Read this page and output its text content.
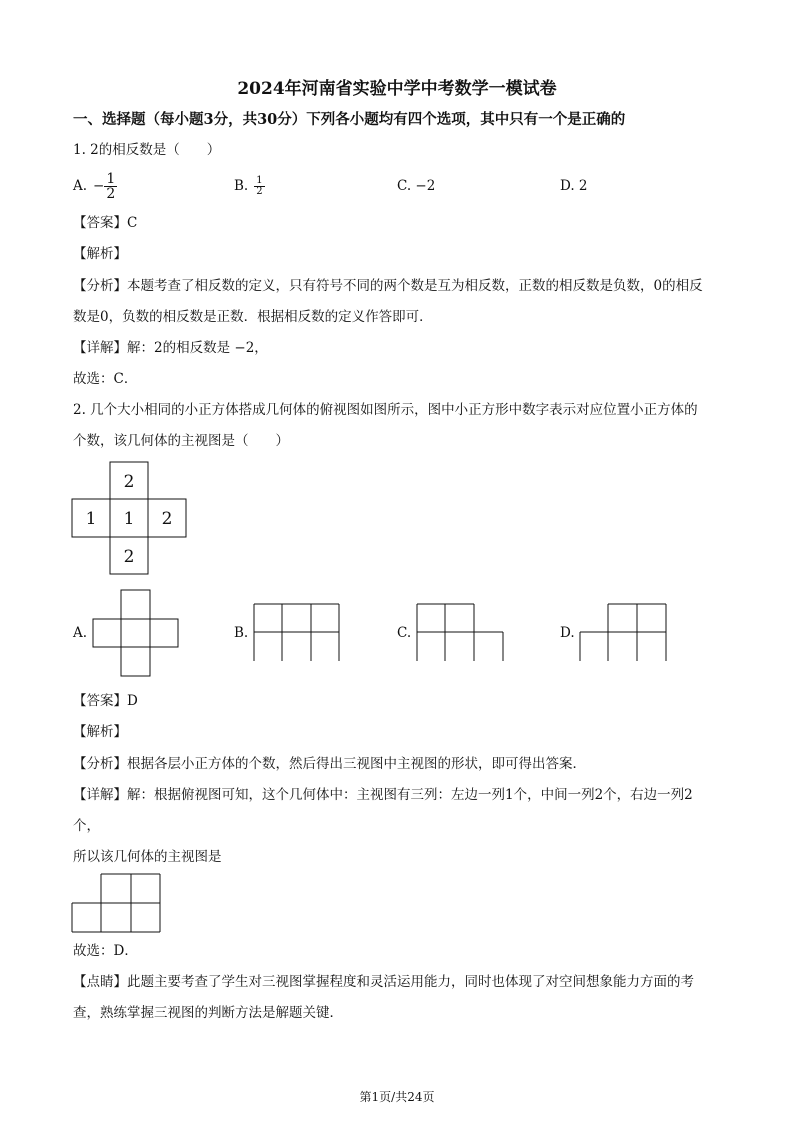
2024年河南省实验中学中考数学一模试卷
一、选择题（每小题3分，共30分）下列各小题均有四个选项，其中只有一个是正确的
1. 2的相反数是（　　）
A. − $\frac{1}{2}$	B. $\frac{1}{2}$	C. −2	D. 2
【答案】C
【解析】
【分析】本题考查了相反数的定义，只有符号不同的两个数是互为相反数，正数的相反数是负数，0的相反
数是0，负数的相反数是正数．根据相反数的定义作答即可．
【详解】解：2的相反数是 −2，
故选：C．
2. 几个大小相同的小正方体搭成几何体的俯视图如图所示，图中小正方形中数字表示对应位置小正方体的
个数，该几何体的主视图是（　　）
2
1 1 2
2
A.	B.	C.	D.
【答案】D
【解析】
【分析】根据各层小正方体的个数，然后得出三视图中主视图的形状，即可得出答案．
【详解】解：根据俯视图可知，这个几何体中：主视图有三列：左边一列1个，中间一列2个，右边一列2
个，
所以该几何体的主视图是
故选：D．
【点睛】此题主要考查了学生对三视图掌握程度和灵活运用能力，同时也体现了对空间想象能力方面的考
查，熟练掌握三视图的判断方法是解题关键．
第1页/共24页
